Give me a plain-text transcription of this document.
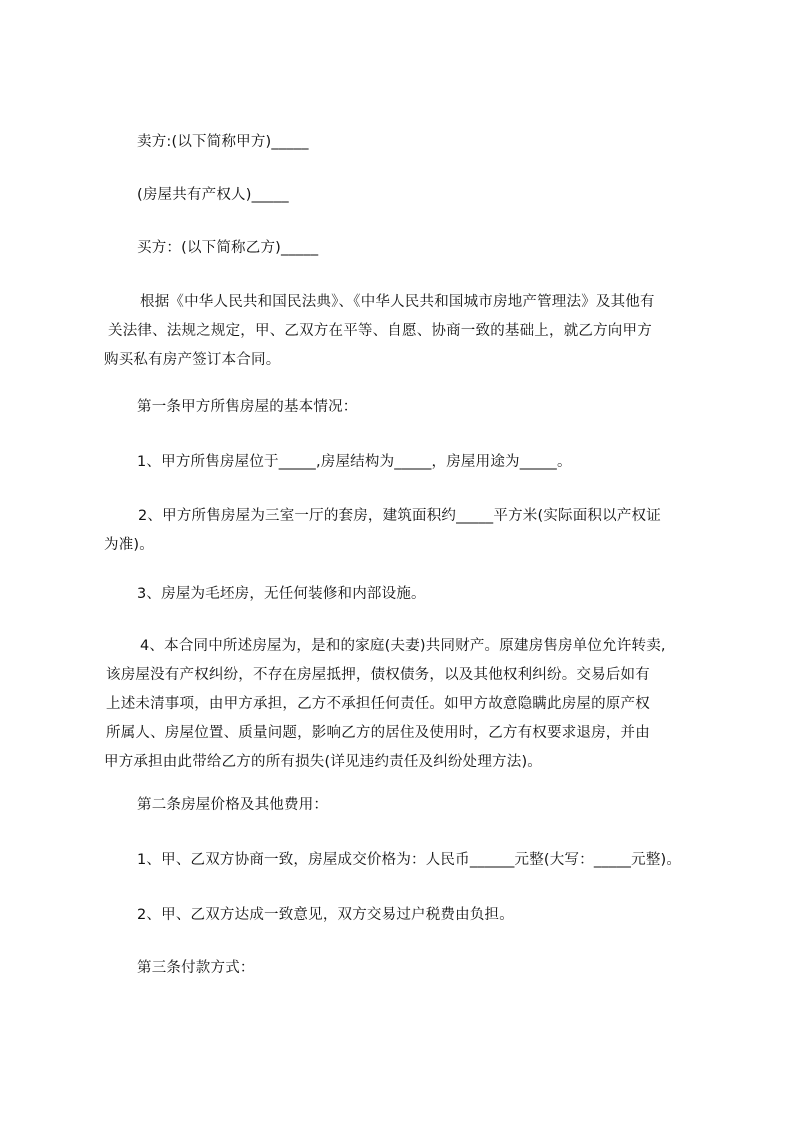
卖方:(以下简称甲方)_____
(房屋共有产权人)_____
买方：(以下简称乙方)_____
根据《中华人民共和国民法典》、《中华人民共和国城市房地产管理法》及其他有
关法律、法规之规定，甲、乙双方在平等、自愿、协商一致的基础上，就乙方向甲方
购买私有房产签订本合同。
第一条甲方所售房屋的基本情况：
1、甲方所售房屋位于_____,房屋结构为_____，房屋用途为_____。
2、甲方所售房屋为三室一厅的套房，建筑面积约_____平方米(实际面积以产权证
为准)。
3、房屋为毛坯房，无任何装修和内部设施。
4、本合同中所述房屋为，是和的家庭(夫妻)共同财产。原建房售房单位允许转卖,
该房屋没有产权纠纷，不存在房屋抵押，债权债务，以及其他权利纠纷。交易后如有
上述未清事项，由甲方承担，乙方不承担任何责任。如甲方故意隐瞒此房屋的原产权
所属人、房屋位置、质量问题，影响乙方的居住及使用时，乙方有权要求退房，并由
甲方承担由此带给乙方的所有损失(详见违约责任及纠纷处理方法)。
第二条房屋价格及其他费用：
1、甲、乙双方协商一致，房屋成交价格为：人民币______元整(大写：_____元整)。
2、甲、乙双方达成一致意见，双方交易过户税费由负担。
第三条付款方式：
